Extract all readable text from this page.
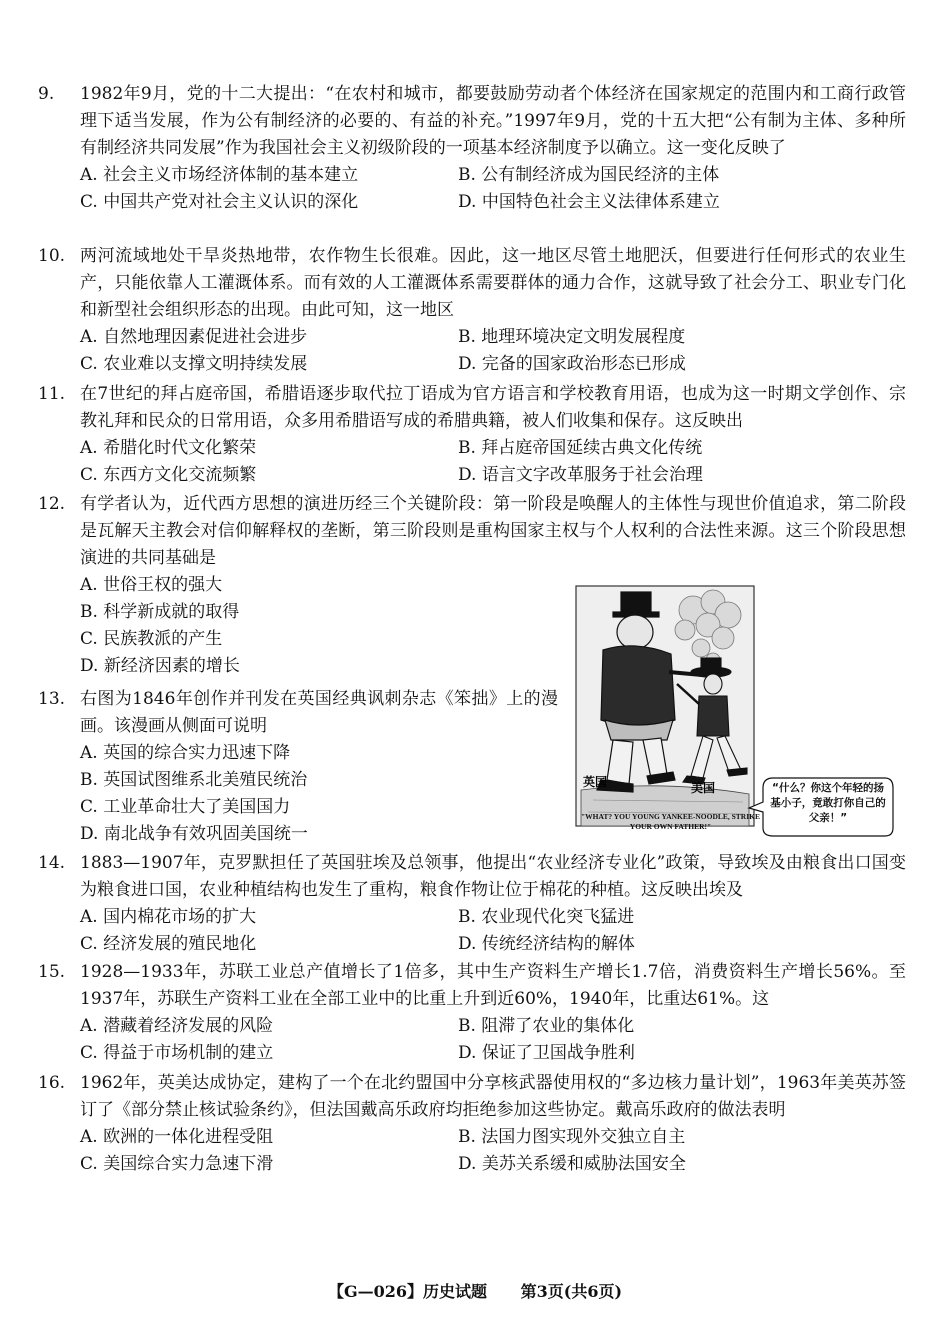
9.	1982年9月，党的十二大提出：“在农村和城市，都要鼓励劳动者个体经济在国家规定的范围内和工商行政管理下适当发展，作为公有制经济的必要的、有益的补充。”1997年9月，党的十五大把“公有制为主体、多种所有制经济共同发展”作为我国社会主义初级阶段的一项基本经济制度予以确立。这一变化反映了
A. 社会主义市场经济体制的基本建立	B. 公有制经济成为国民经济的主体
C. 中国共产党对社会主义认识的深化	D. 中国特色社会主义法律体系建立
10. 两河流域地处干旱炎热地带，农作物生长很难。因此，这一地区尽管土地肥沃，但要进行任何形式的农业生产，只能依靠人工灌溉体系。而有效的人工灌溉体系需要群体的通力合作，这就导致了社会分工、职业专门化和新型社会组织形态的出现。由此可知，这一地区
A. 自然地理因素促进社会进步	B. 地理环境决定文明发展程度
C. 农业难以支撑文明持续发展	D. 完备的国家政治形态已形成
11. 在7世纪的拜占庭帝国，希腊语逐步取代拉丁语成为官方语言和学校教育用语，也成为这一时期文学创作、宗教礼拜和民众的日常用语，众多用希腊语写成的希腊典籍，被人们收集和保存。这反映出
A. 希腊化时代文化繁荣	B. 拜占庭帝国延续古典文化传统
C. 东西方文化交流频繁	D. 语言文字改革服务于社会治理
12. 有学者认为，近代西方思想的演进历经三个关键阶段：第一阶段是唤醒人的主体性与现世价值追求，第二阶段是瓦解天主教会对信仰解释权的垄断，第三阶段则是重构国家主权与个人权利的合法性来源。这三个阶段思想演进的共同基础是
A. 世俗王权的强大
B. 科学新成就的取得
C. 民族教派的产生
D. 新经济因素的增长
13. 右图为1846年创作并刊发在英国经典讽刺杂志《笨拙》上的漫画。该漫画从侧面可说明
A. 英国的综合实力迅速下降
B. 英国试图维系北美殖民统治
C. 工业革命壮大了美国国力
D. 南北战争有效巩固美国统一
英国	美国
"WHAT? YOU YOUNG YANKEE-NOODLE, STRIKE YOUR OWN FATHER!"
“什么？你这个年轻的扬基小子，竟敢打你自己的父亲！”
14. 1883—1907年，克罗默担任了英国驻埃及总领事，他提出“农业经济专业化”政策，导致埃及由粮食出口国变为粮食进口国，农业种植结构也发生了重构，粮食作物让位于棉花的种植。这反映出埃及
A. 国内棉花市场的扩大	B. 农业现代化突飞猛进
C. 经济发展的殖民地化	D. 传统经济结构的解体
15. 1928—1933年，苏联工业总产值增长了1倍多，其中生产资料生产增长1.7倍，消费资料生产增长56%。至1937年，苏联生产资料工业在全部工业中的比重上升到近60%，1940年，比重达61%。这
A. 潜藏着经济发展的风险	B. 阻滞了农业的集体化
C. 得益于市场机制的建立	D. 保证了卫国战争胜利
16. 1962年，英美达成协定，建构了一个在北约盟国中分享核武器使用权的“多边核力量计划”，1963年美英苏签订了《部分禁止核试验条约》，但法国戴高乐政府均拒绝参加这些协定。戴高乐政府的做法表明
A. 欧洲的一体化进程受阻	B. 法国力图实现外交独立自主
C. 美国综合实力急速下滑	D. 美苏关系缓和威胁法国安全
【G—026】历史试题 第3页(共6页)
